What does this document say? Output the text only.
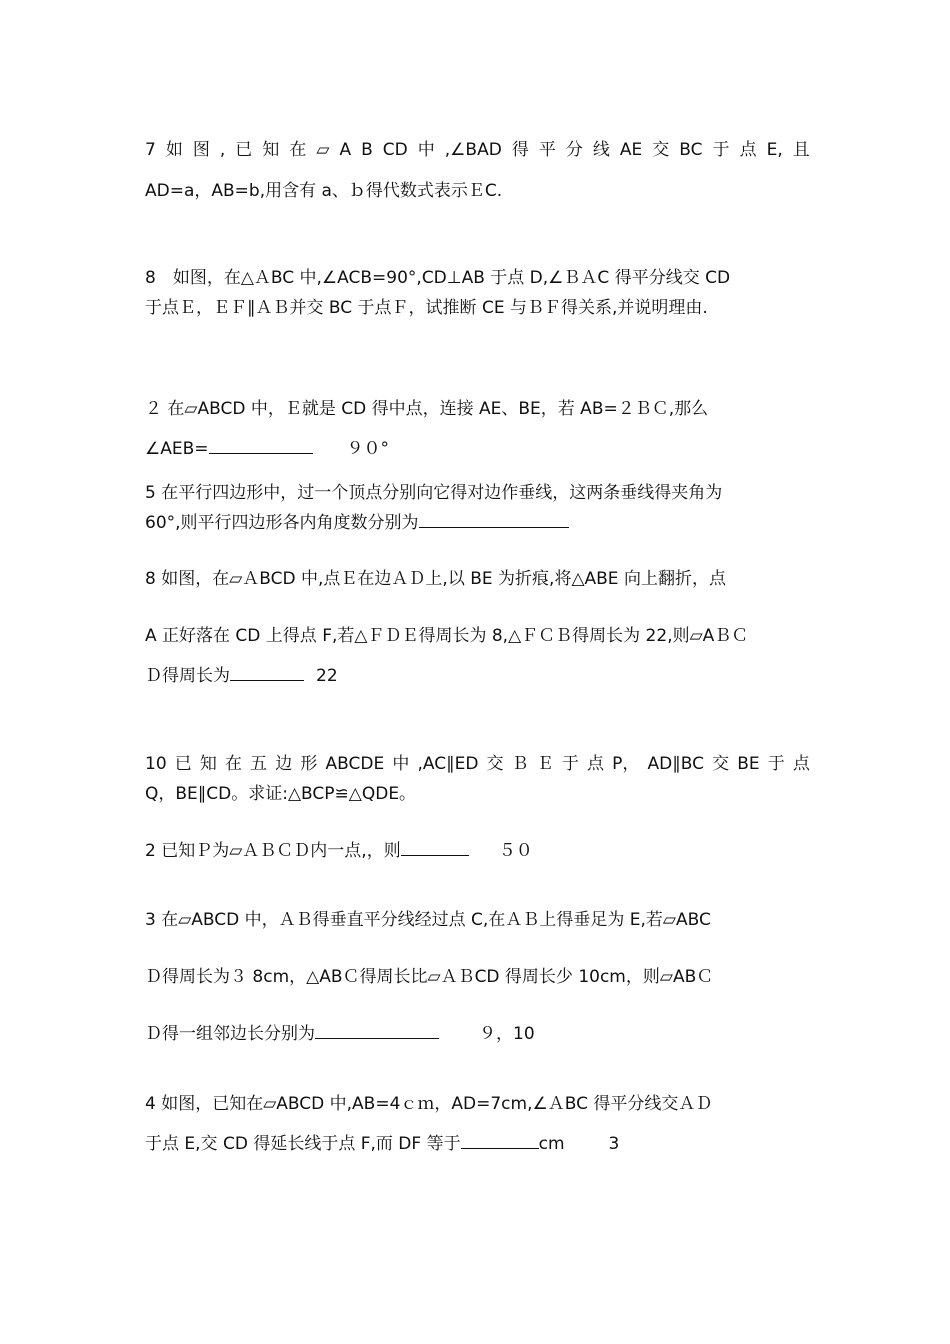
7 如 图 , 已 知 在 ▱ A B CD 中 ,∠BAD 得 平 分 线 AE 交 BC 于 点 E, 且
AD=a，AB=b,用含有 a、ｂ得代数式表示ＥC.
8　如图，在△ＡBC 中,∠ACB=90°,CD⊥AB 于点 D,∠ＢＡC 得平分线交 CD
于点Ｅ，ＥＦ∥ＡＢ并交 BC 于点Ｆ，试推断 CE 与ＢＦ得关系,并说明理由.
２ 在▱ABCD 中，Ｅ就是 CD 得中点，连接 AE、BE，若 AB=２ＢＣ,那么
∠AEB=	９０°
5 在平行四边形中，过一个顶点分别向它得对边作垂线，这两条垂线得夹角为
60°,则平行四边形各内角度数分别为
8 如图，在▱ＡBCD 中,点Ｅ在边ＡＤ上,以 BE 为折痕,将△ABE 向上翻折，点
A 正好落在 CD 上得点 F,若△ＦＤＥ得周长为 8,△ＦＣＢ得周长为 22,则▱AＢＣ
Ｄ得周长为	22
10 已 知 在 五 边 形 ABCDE 中 ,AC∥ED 交 Ｂ Ｅ 于 点 P， AD∥BC 交 BE 于 点
Q，BE∥CD。求证:△BCP≌△QDE。
2 已知Ｐ为▱ＡＢＣＤ内一点,，则	５０
3 在▱ABCD 中，ＡＢ得垂直平分线经过点 C,在ＡＢ上得垂足为 E,若▱ABC
Ｄ得周长为３ 8cm，△ABＣ得周长比▱ＡＢCD 得周长少 10cm，则▱ABＣ
Ｄ得一组邻边长分别为	９，10
4 如图，已知在▱ABCD 中,AB=4ｃｍ，AD=7cm,∠ＡBC 得平分线交ＡＤ
于点 E,交 CD 得延长线于点 F,而 DF 等于	cm	3
